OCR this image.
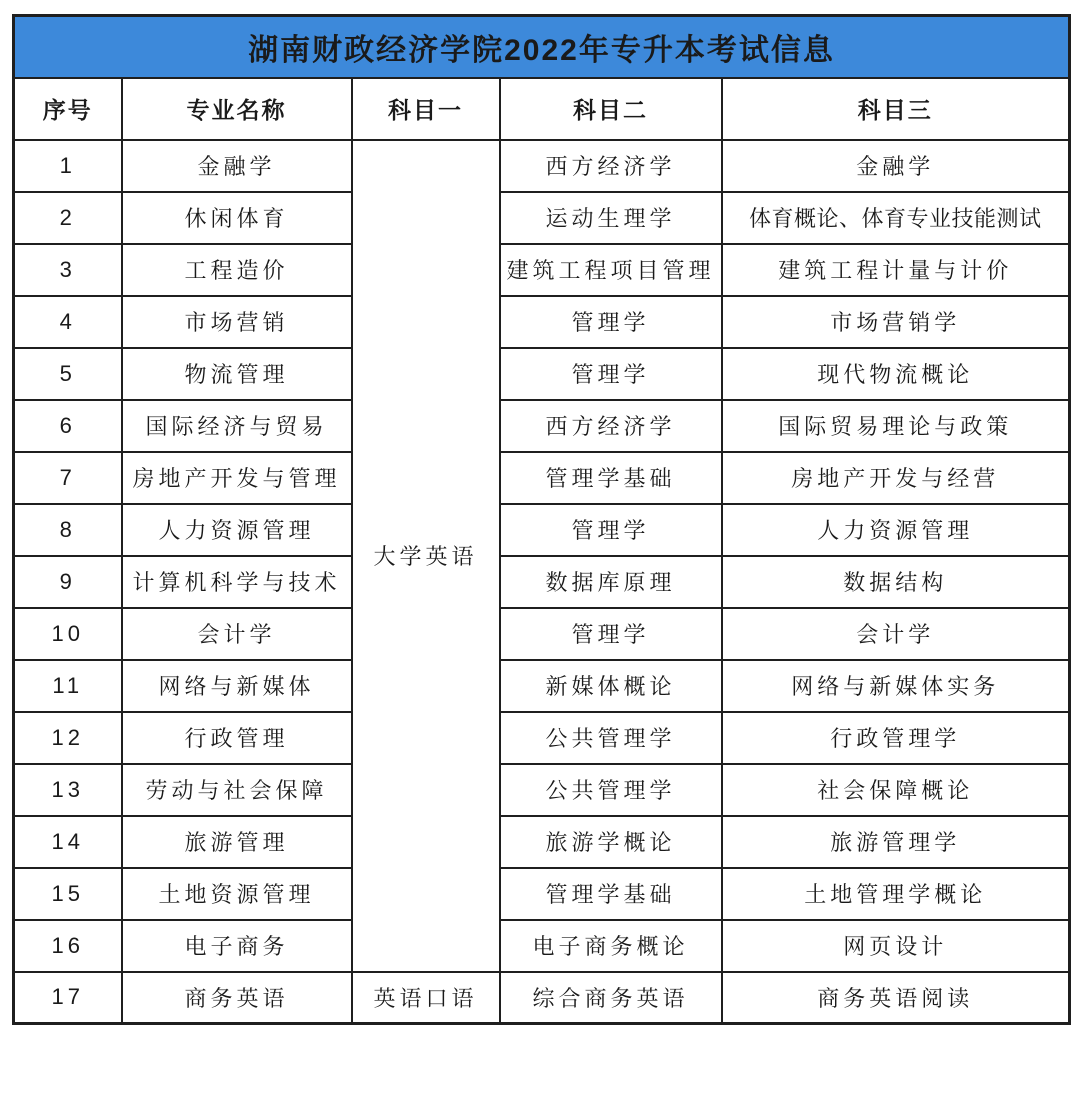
湖南财政经济学院2022年专升本考试信息				
序号	专业名称	科目一	科目二	科目三
1	金融学	大学英语	西方经济学	金融学
2	休闲体育		运动生理学	体育概论、体育专业技能测试
3	工程造价		建筑工程项目管理	建筑工程计量与计价
4	市场营销		管理学	市场营销学
5	物流管理		管理学	现代物流概论
6	国际经济与贸易		西方经济学	国际贸易理论与政策
7	房地产开发与管理		管理学基础	房地产开发与经营
8	人力资源管理		管理学	人力资源管理
9	计算机科学与技术		数据库原理	数据结构
10	会计学		管理学	会计学
11	网络与新媒体		新媒体概论	网络与新媒体实务
12	行政管理		公共管理学	行政管理学
13	劳动与社会保障		公共管理学	社会保障概论
14	旅游管理		旅游学概论	旅游管理学
15	土地资源管理		管理学基础	土地管理学概论
16	电子商务		电子商务概论	网页设计
17	商务英语	英语口语	综合商务英语	商务英语阅读
